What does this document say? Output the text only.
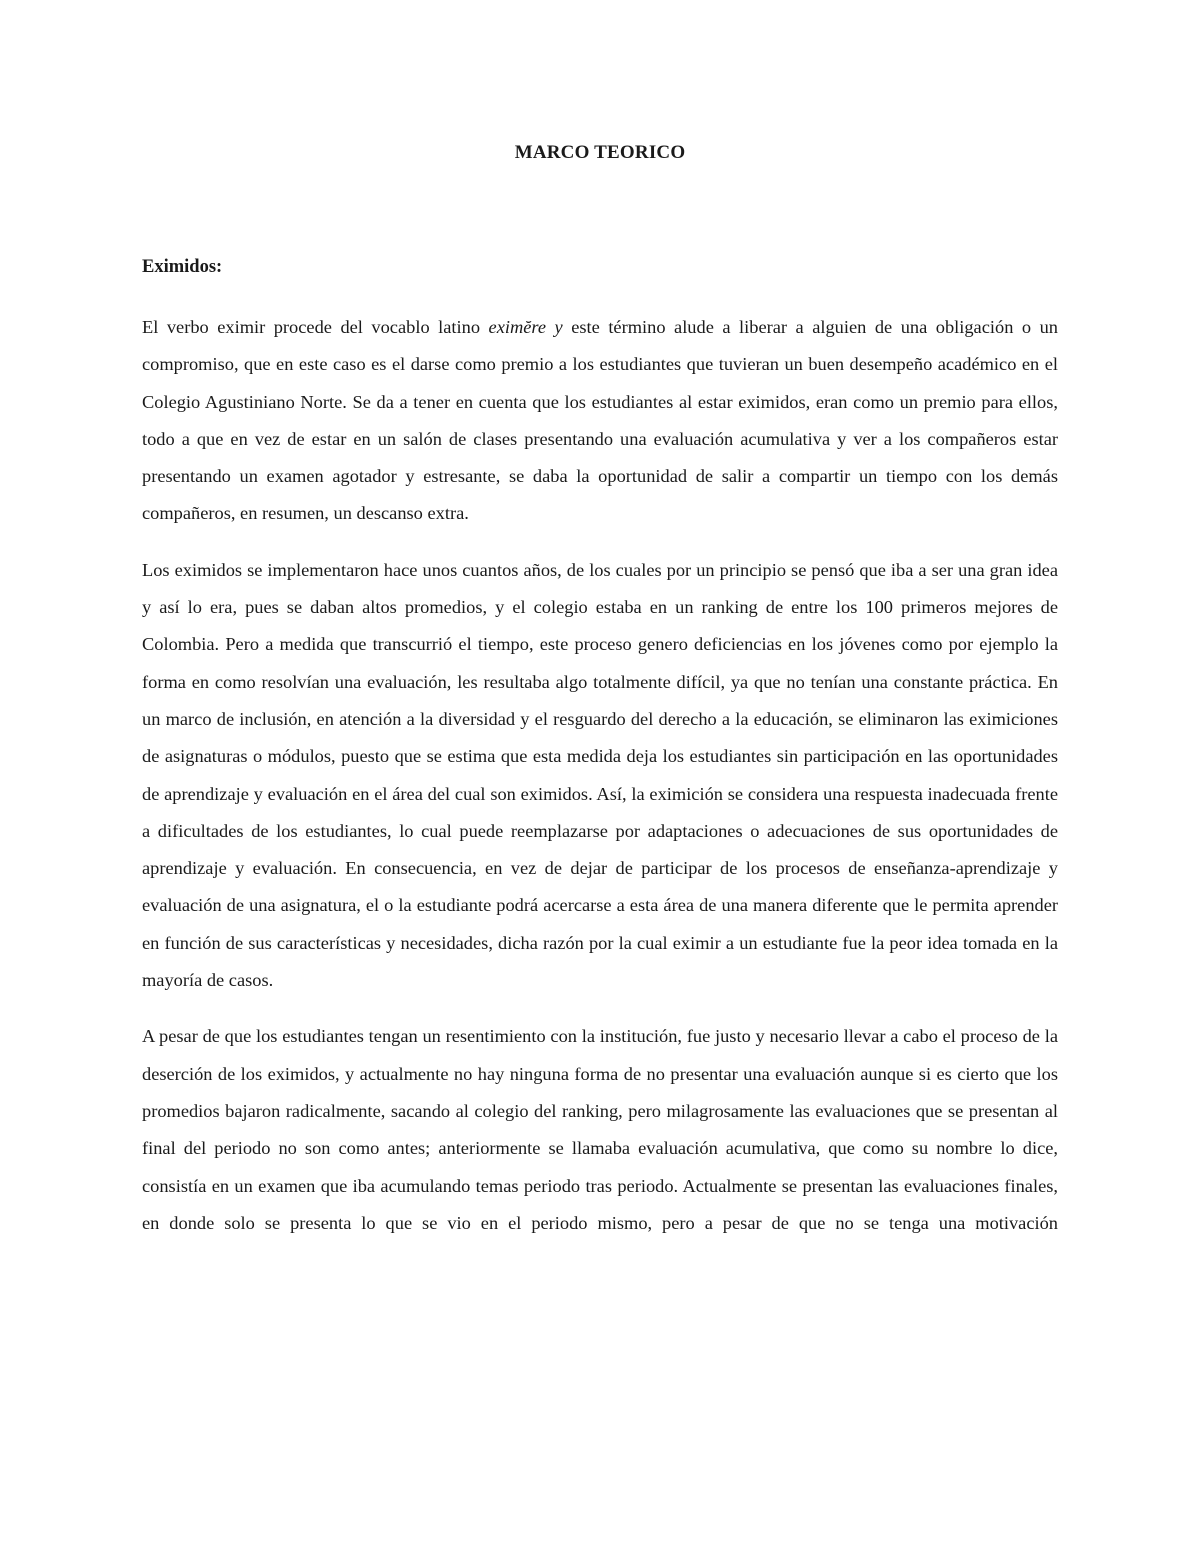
MARCO TEORICO
Eximidos:

El verbo eximir procede del vocablo latino eximĕre y este término alude a liberar a alguien de una obligación o un compromiso, que en este caso es el darse como premio a los estudiantes que tuvieran un buen desempeño académico en el Colegio Agustiniano Norte. Se da a tener en cuenta que los estudiantes al estar eximidos, eran como un premio para ellos, todo a que en vez de estar en un salón de clases presentando una evaluación acumulativa y ver a los compañeros estar presentando un examen agotador y estresante, se daba la oportunidad de salir a compartir un tiempo con los demás compañeros, en resumen, un descanso extra.

Los eximidos se implementaron hace unos cuantos años, de los cuales por un principio se pensó que iba a ser una gran idea y así lo era, pues se daban altos promedios, y el colegio estaba en un ranking de entre los 100 primeros mejores de Colombia. Pero a medida que transcurrió el tiempo, este proceso genero deficiencias en los jóvenes como por ejemplo la forma en como resolvían una evaluación, les resultaba algo totalmente difícil, ya que no tenían una constante práctica. En un marco de inclusión, en atención a la diversidad y el resguardo del derecho a la educación, se eliminaron las eximiciones de asignaturas o módulos, puesto que se estima que esta medida deja los estudiantes sin participación en las oportunidades de aprendizaje y evaluación en el área del cual son eximidos. Así, la eximición se considera una respuesta inadecuada frente a dificultades de los estudiantes, lo cual puede reemplazarse por adaptaciones o adecuaciones de sus oportunidades de aprendizaje y evaluación. En consecuencia, en vez de dejar de participar de los procesos de enseñanza-aprendizaje y evaluación de una asignatura, el o la estudiante podrá acercarse a esta área de una manera diferente que le permita aprender en función de sus características y necesidades, dicha razón por la cual eximir a un estudiante fue la peor idea tomada en la mayoría de casos.

A pesar de que los estudiantes tengan un resentimiento con la institución, fue justo y necesario llevar a cabo el proceso de la deserción de los eximidos, y actualmente no hay ninguna forma de no presentar una evaluación aunque si es cierto que los promedios bajaron radicalmente, sacando al colegio del ranking, pero milagrosamente las evaluaciones que se presentan al final del periodo no son como antes; anteriormente se llamaba evaluación acumulativa, que como su nombre lo dice, consistía en un examen que iba acumulando temas periodo tras periodo. Actualmente se presentan las evaluaciones finales, en donde solo se presenta lo que se vio en el periodo mismo, pero a pesar de que no se tenga una motivación
